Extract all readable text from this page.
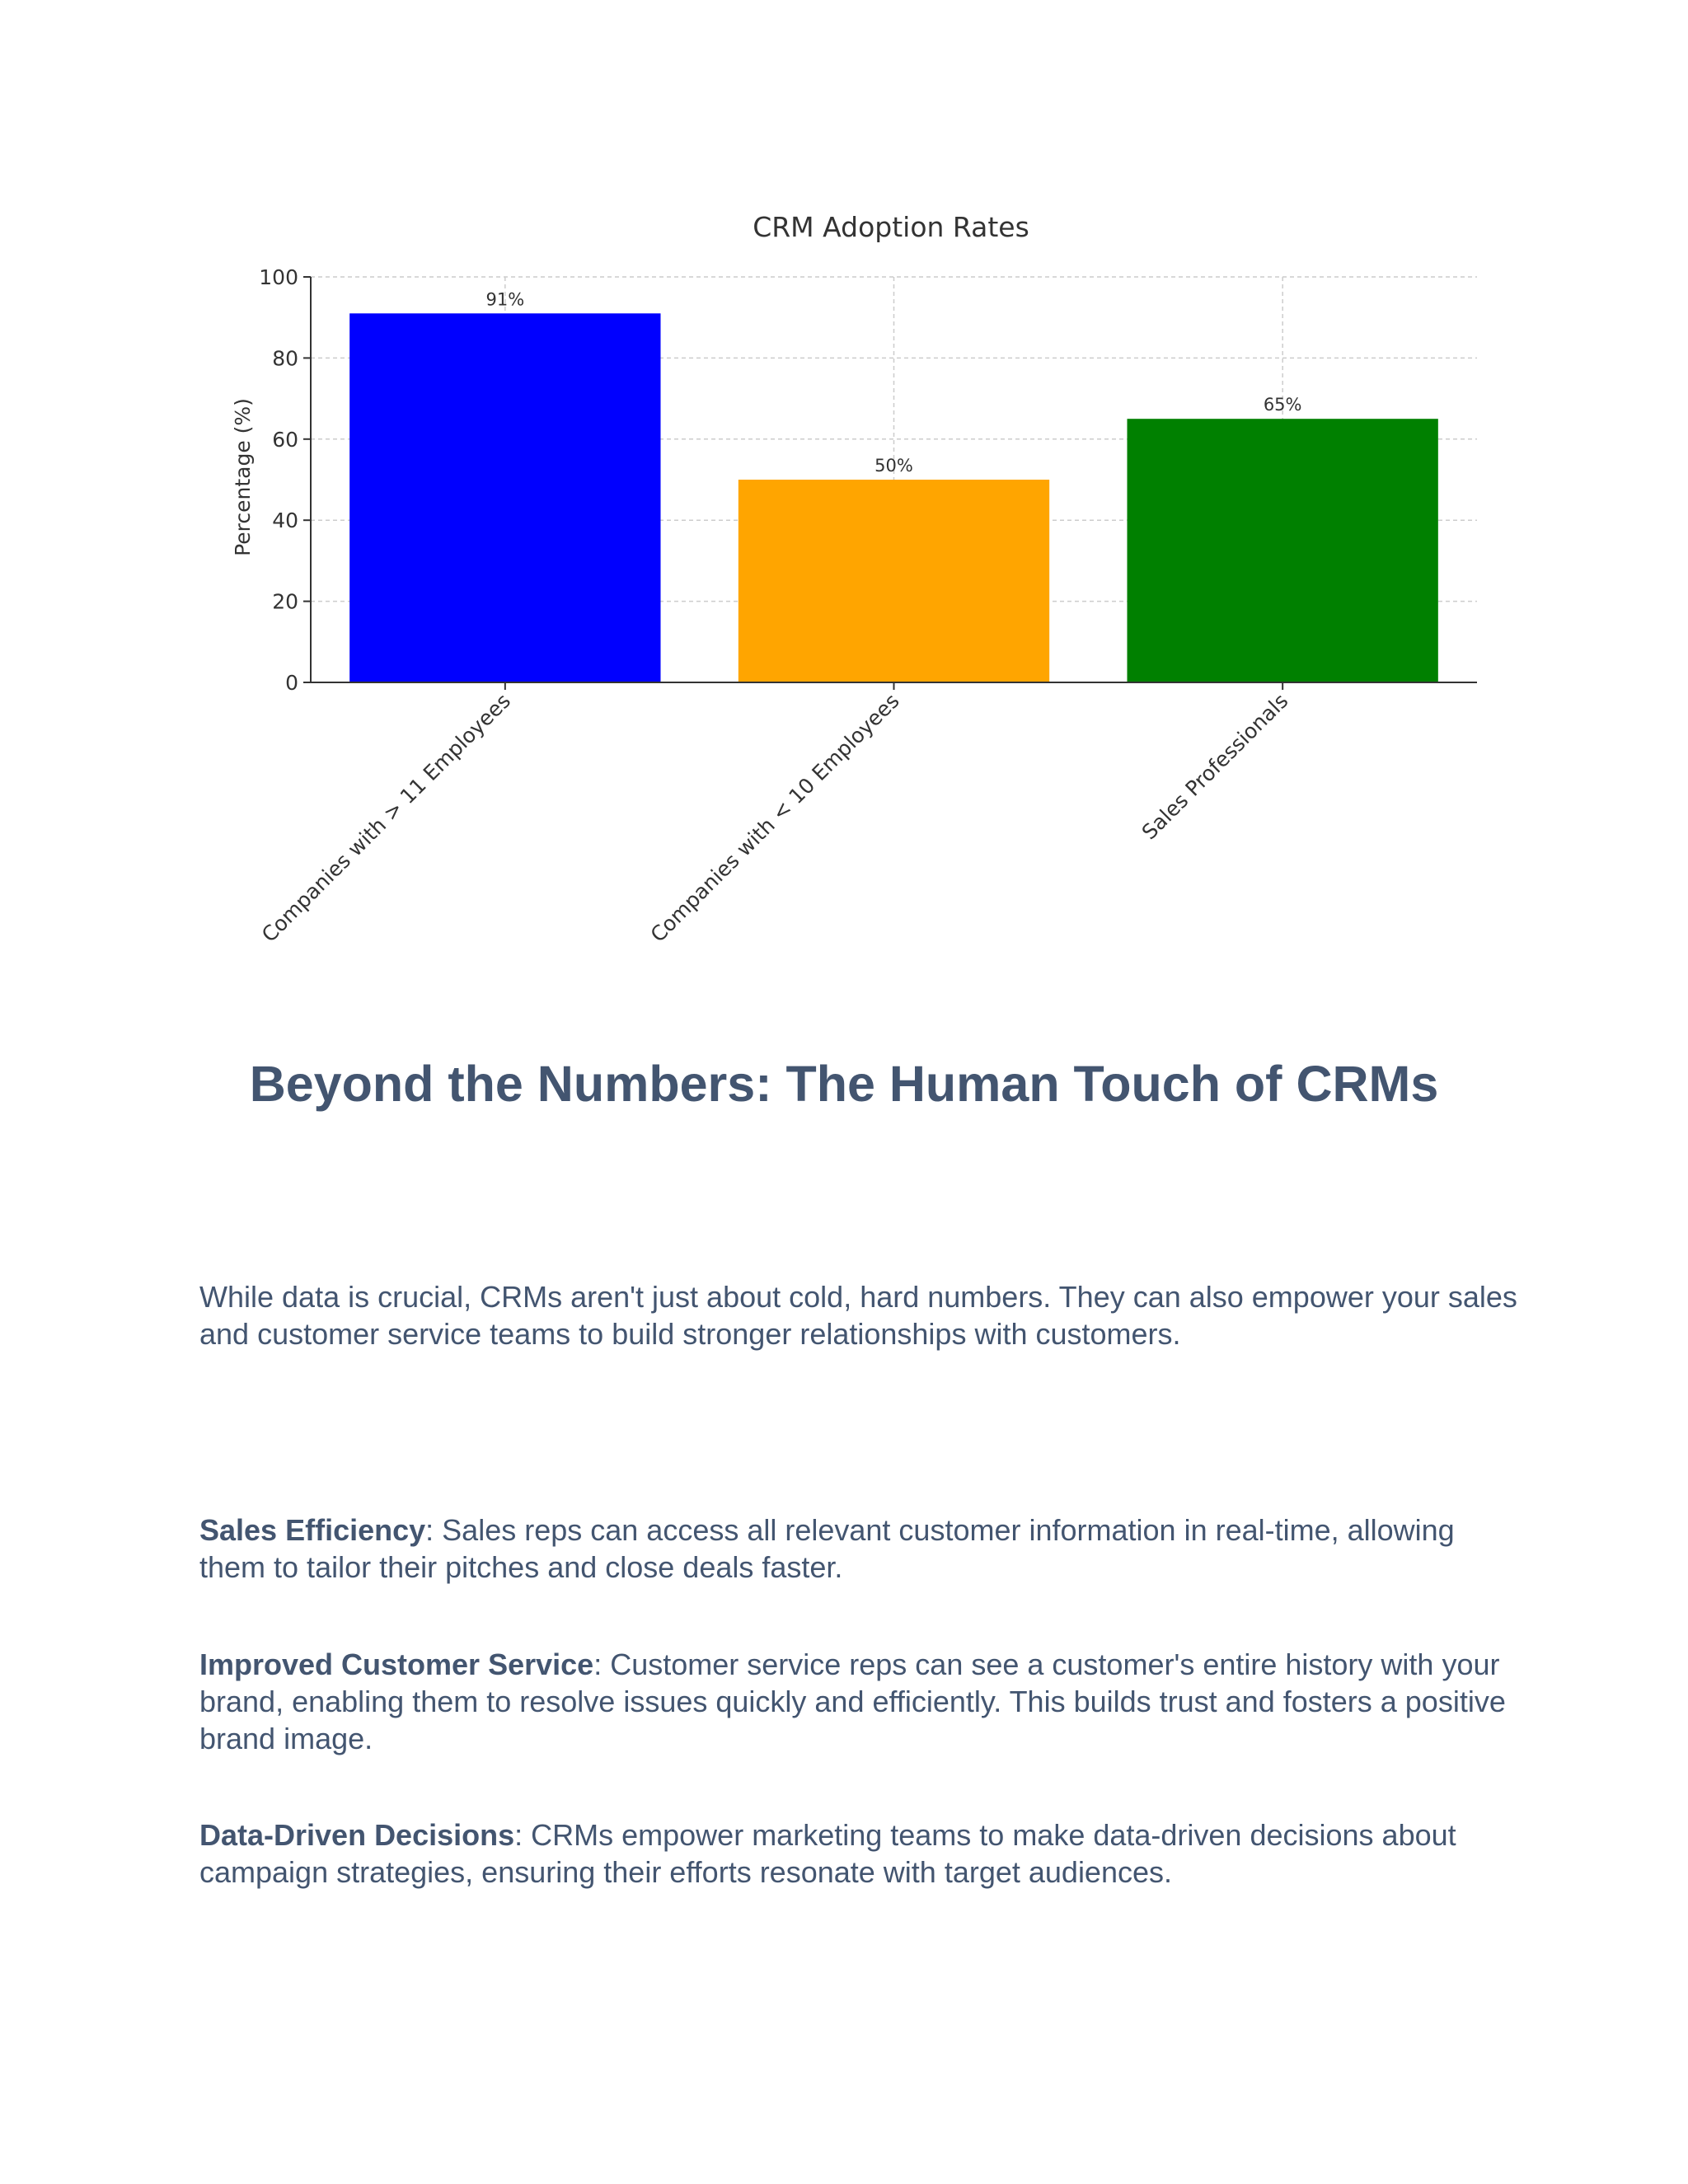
CRM Adoption Rates
Percentage (%)
0
20
40
60
80
100
91%
Companies with > 11 Employees
50%
Companies with < 10 Employees
65%
Sales Professionals
Beyond the Numbers: The Human Touch of CRMs

While data is crucial, CRMs aren't just about cold, hard numbers. They can also empower your sales and customer service teams to build stronger relationships with customers.

Sales Efficiency: Sales reps can access all relevant customer information in real-time, allowing them to tailor their pitches and close deals faster.

Improved Customer Service: Customer service reps can see a customer's entire history with your brand, enabling them to resolve issues quickly and efficiently. This builds trust and fosters a positive brand image.

Data-Driven Decisions: CRMs empower marketing teams to make data-driven decisions about campaign strategies, ensuring their efforts resonate with target audiences.
